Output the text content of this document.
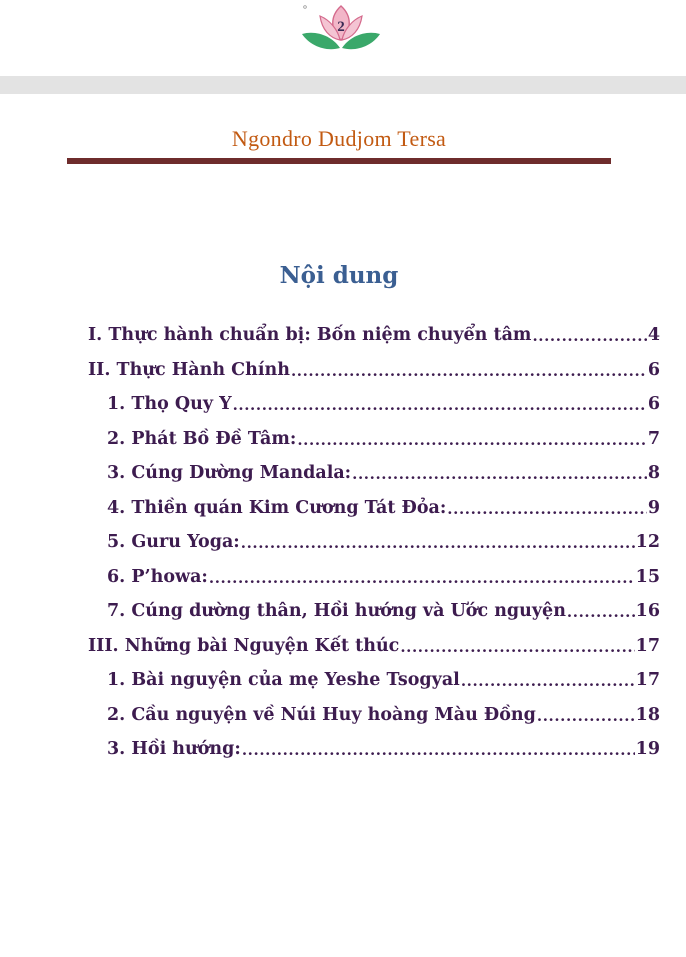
2
Ngondro Dudjom Tersa
Nội dung
I. Thực hành chuẩn bị: Bốn niệm chuyển tâm .....	4
II. Thực Hành Chính .....	6
1. Thọ Quy Y .....	6
2. Phát Bồ Đề Tâm: .....	7
3. Cúng Dường Mandala: .....	8
4. Thiền quán Kim Cương Tát Đỏa: .....	9
5. Guru Yoga: .....	12
6. P’howa: .....	15
7. Cúng dường thân, Hồi hướng và Ước nguyện .....	16
III. Những bài Nguyện Kết thúc .....	17
1. Bài nguyện của mẹ Yeshe Tsogyal .....	17
2. Cầu nguyện về Núi Huy hoàng Màu Đồng .....	18
3. Hồi hướng: .....	19
